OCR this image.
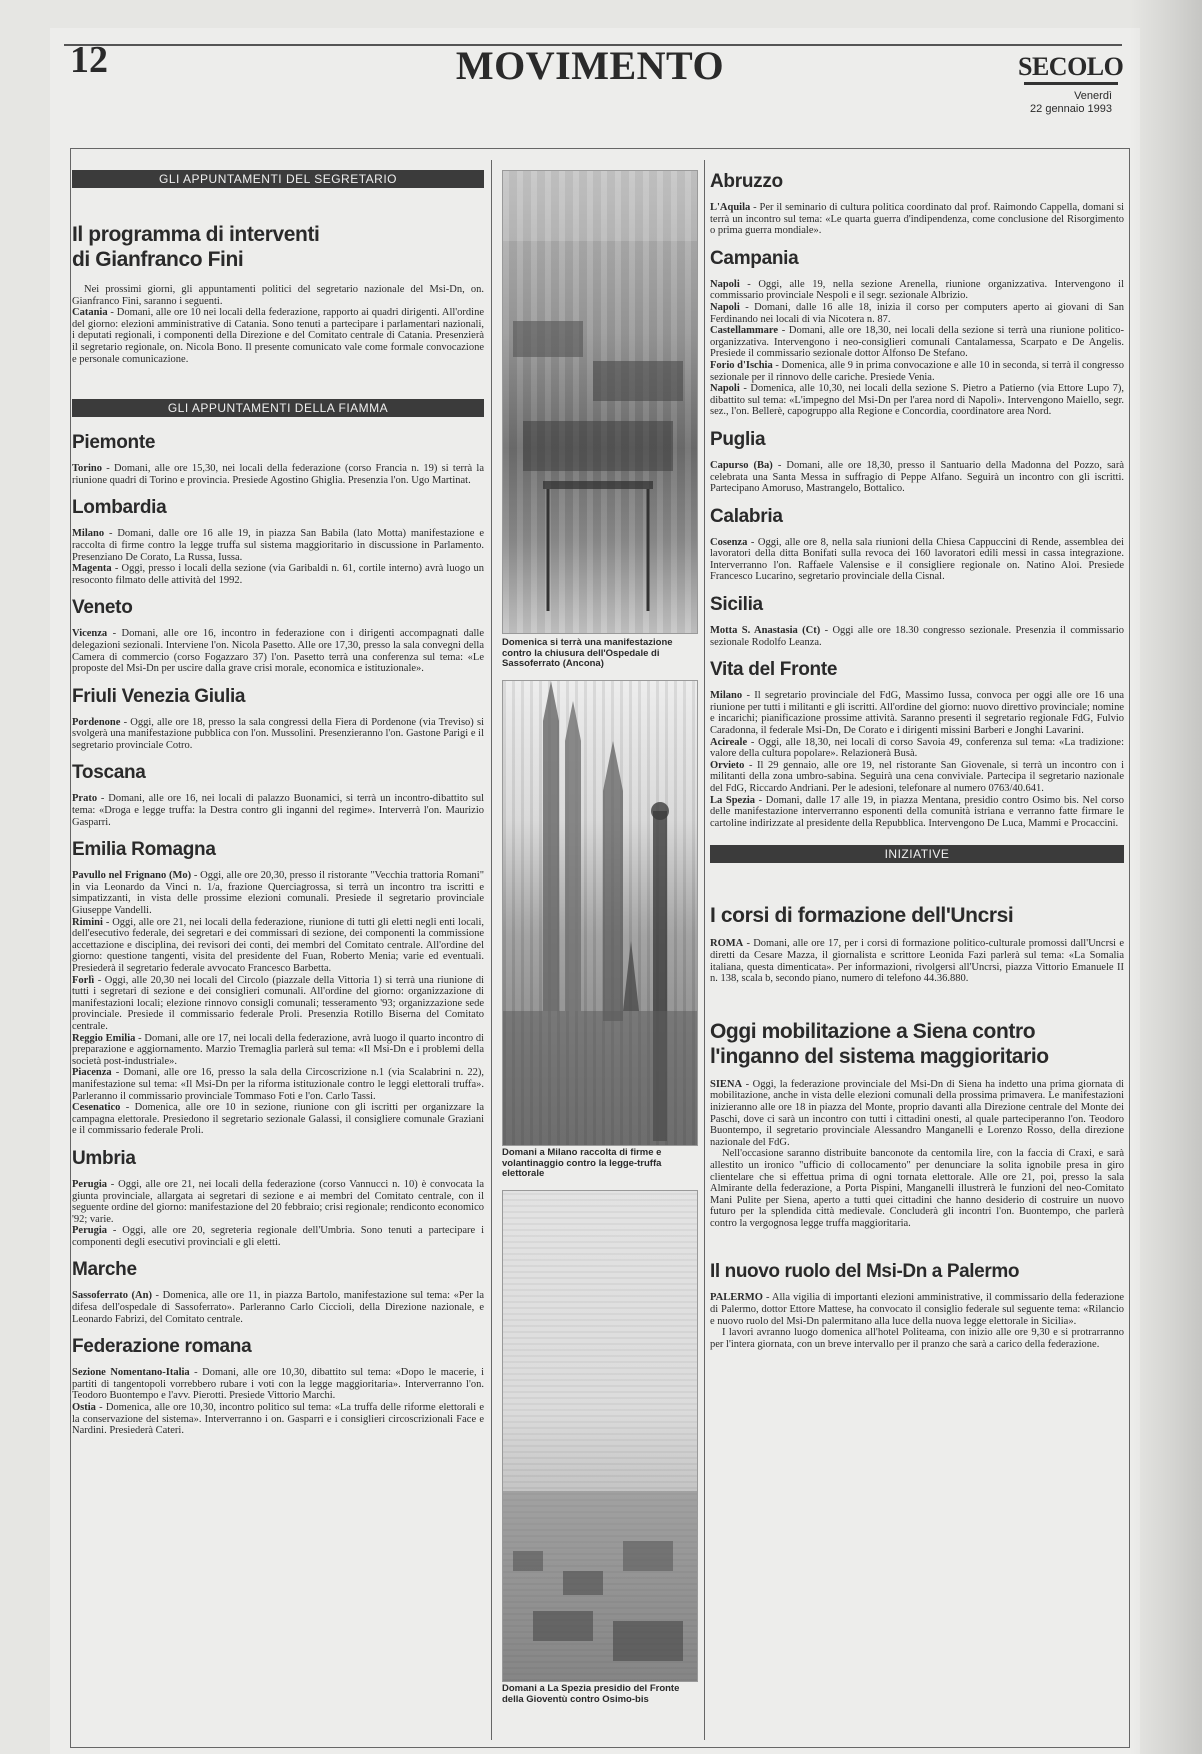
12	MOVIMENTO	SECOLO
Venerdì
22 gennaio 1993
GLI APPUNTAMENTI DEL SEGRETARIO
Il programma di interventi di Gianfranco Fini

Nei prossimi giorni, gli appuntamenti politici del segretario nazionale del Msi-Dn, on. Gianfranco Fini, saranno i seguenti.

Catania - Domani, alle ore 10 nei locali della federazione, rapporto ai quadri dirigenti. All'ordine del giorno: elezioni amministrative di Catania. Sono tenuti a partecipare i parlamentari nazionali, i deputati regionali, i componenti della Direzione e del Comitato centrale di Catania. Presenzierà il segretario regionale, on. Nicola Bono. Il presente comunicato vale come formale convocazione e personale comunicazione.

GLI APPUNTAMENTI DELLA FIAMMA
Piemonte

Torino - Domani, alle ore 15,30, nei locali della federazione (corso Francia n. 19) si terrà la riunione quadri di Torino e provincia. Presiede Agostino Ghiglia. Presenzia l'on. Ugo Martinat.

Lombardia

Milano - Domani, dalle ore 16 alle 19, in piazza San Babila (lato Motta) manifestazione e raccolta di firme contro la legge truffa sul sistema maggioritario in discussione in Parlamento. Presenziano De Corato, La Russa, Iussa.

Magenta - Oggi, presso i locali della sezione (via Garibaldi n. 61, cortile interno) avrà luogo un resoconto filmato delle attività del 1992.

Veneto

Vicenza - Domani, alle ore 16, incontro in federazione con i dirigenti accompagnati dalle delegazioni sezionali. Interviene l'on. Nicola Pasetto. Alle ore 17,30, presso la sala convegni della Camera di commercio (corso Fogazzaro 37) l'on. Pasetto terrà una conferenza sul tema: «Le proposte del Msi-Dn per uscire dalla grave crisi morale, economica e istituzionale».

Friuli Venezia Giulia

Pordenone - Oggi, alle ore 18, presso la sala congressi della Fiera di Pordenone (via Treviso) si svolgerà una manifestazione pubblica con l'on. Mussolini. Presenzieranno l'on. Gastone Parigi e il segretario provinciale Cotro.

Toscana

Prato - Domani, alle ore 16, nei locali di palazzo Buonamici, si terrà un incontro-dibattito sul tema: «Droga e legge truffa: la Destra contro gli inganni del regime». Interverrà l'on. Maurizio Gasparri.

Emilia Romagna

Pavullo nel Frignano (Mo) - Oggi, alle ore 20,30, presso il ristorante "Vecchia trattoria Romani" in via Leonardo da Vinci n. 1/a, frazione Querciagrossa, si terrà un incontro tra iscritti e simpatizzanti, in vista delle prossime elezioni comunali. Presiede il segretario provinciale Giuseppe Vandelli.

Rimini - Oggi, alle ore 21, nei locali della federazione, riunione di tutti gli eletti negli enti locali, dell'esecutivo federale, dei segretari e dei commissari di sezione, dei componenti la commissione accettazione e disciplina, dei revisori dei conti, dei membri del Comitato centrale. All'ordine del giorno: questione tangenti, visita del presidente del Fuan, Roberto Menia; varie ed eventuali. Presiederà il segretario federale avvocato Francesco Barbetta.

Forlì - Oggi, alle 20,30 nei locali del Circolo (piazzale della Vittoria 1) si terrà una riunione di tutti i segretari di sezione e dei consiglieri comunali. All'ordine del giorno: organizzazione di manifestazioni locali; elezione rinnovo consigli comunali; tesseramento '93; organizzazione sede provinciale. Presiede il commissario federale Proli. Presenzia Rotillo Biserna del Comitato centrale.

Reggio Emilia - Domani, alle ore 17, nei locali della federazione, avrà luogo il quarto incontro di preparazione e aggiornamento. Marzio Tremaglia parlerà sul tema: «Il Msi-Dn e i problemi della società post-industriale».

Piacenza - Domani, alle ore 16, presso la sala della Circoscrizione n.1 (via Scalabrini n. 22), manifestazione sul tema: «Il Msi-Dn per la riforma istituzionale contro le leggi elettorali truffa». Parleranno il commissario provinciale Tommaso Foti e l'on. Carlo Tassi.

Cesenatico - Domenica, alle ore 10 in sezione, riunione con gli iscritti per organizzare la campagna elettorale. Presiedono il segretario sezionale Galassi, il consigliere comunale Graziani e il commissario federale Proli.

Umbria

Perugia - Oggi, alle ore 21, nei locali della federazione (corso Vannucci n. 10) è convocata la giunta provinciale, allargata ai segretari di sezione e ai membri del Comitato centrale, con il seguente ordine del giorno: manifestazione del 20 febbraio; crisi regionale; rendiconto economico '92; varie.

Perugia - Oggi, alle ore 20, segreteria regionale dell'Umbria. Sono tenuti a partecipare i componenti degli esecutivi provinciali e gli eletti.

Marche

Sassoferrato (An) - Domenica, alle ore 11, in piazza Bartolo, manifestazione sul tema: «Per la difesa dell'ospedale di Sassoferrato». Parleranno Carlo Ciccioli, della Direzione nazionale, e Leonardo Fabrizi, del Comitato centrale.

Federazione romana

Sezione Nomentano-Italia - Domani, alle ore 10,30, dibattito sul tema: «Dopo le macerie, i partiti di tangentopoli vorrebbero rubare i voti con la legge maggioritaria». Interverranno l'on. Teodoro Buontempo e l'avv. Pierotti. Presiede Vittorio Marchi.

Ostia - Domenica, alle ore 10,30, incontro politico sul tema: «La truffa delle riforme elettorali e la conservazione del sistema». Interverranno i on. Gasparri e i consiglieri circoscrizionali Face e Nardini. Presiederà Cateri.

Domenica si terrà una manifestazione contro la chiusura dell'Ospedale di Sassoferrato (Ancona)
Domani a Milano raccolta di firme e volantinaggio contro la legge-truffa elettorale
Domani a La Spezia presidio del Fronte della Gioventù contro Osimo-bis
Abruzzo

L'Aquila - Per il seminario di cultura politica coordinato dal prof. Raimondo Cappella, domani si terrà un incontro sul tema: «Le quarta guerra d'indipendenza, come conclusione del Risorgimento o prima guerra mondiale».

Campania

Napoli - Oggi, alle 19, nella sezione Arenella, riunione organizzativa. Intervengono il commissario provinciale Nespoli e il segr. sezionale Albrizio.

Napoli - Domani, dalle 16 alle 18, inizia il corso per computers aperto ai giovani di San Ferdinando nei locali di via Nicotera n. 87.

Castellammare - Domani, alle ore 18,30, nei locali della sezione si terrà una riunione politico-organizzativa. Intervengono i neo-consiglieri comunali Cantalamessa, Scarpato e De Angelis. Presiede il commissario sezionale dottor Alfonso De Stefano.

Forio d'Ischia - Domenica, alle 9 in prima convocazione e alle 10 in seconda, si terrà il congresso sezionale per il rinnovo delle cariche. Presiede Venia.

Napoli - Domenica, alle 10,30, nei locali della sezione S. Pietro a Patierno (via Ettore Lupo 7), dibattito sul tema: «L'impegno del Msi-Dn per l'area nord di Napoli». Intervengono Maiello, segr. sez., l'on. Bellerè, capogruppo alla Regione e Concordia, coordinatore area Nord.

Puglia

Capurso (Ba) - Domani, alle ore 18,30, presso il Santuario della Madonna del Pozzo, sarà celebrata una Santa Messa in suffragio di Peppe Alfano. Seguirà un incontro con gli iscritti. Partecipano Amoruso, Mastrangelo, Bottalico.

Calabria

Cosenza - Oggi, alle ore 8, nella sala riunioni della Chiesa Cappuccini di Rende, assemblea dei lavoratori della ditta Bonifati sulla revoca dei 160 lavoratori edili messi in cassa integrazione. Interverranno l'on. Raffaele Valensise e il consigliere regionale on. Natino Aloi. Presiede Francesco Lucarino, segretario provinciale della Cisnal.

Sicilia

Motta S. Anastasia (Ct) - Oggi alle ore 18.30 congresso sezionale. Presenzia il commissario sezionale Rodolfo Leanza.

Vita del Fronte

Milano - Il segretario provinciale del FdG, Massimo Iussa, convoca per oggi alle ore 16 una riunione per tutti i militanti e gli iscritti. All'ordine del giorno: nuovo direttivo provinciale; nomine e incarichi; pianificazione prossime attività. Saranno presenti il segretario regionale FdG, Fulvio Caradonna, il federale Msi-Dn, De Corato e i dirigenti missini Barberi e Jonghi Lavarini.

Acireale - Oggi, alle 18,30, nei locali di corso Savoia 49, conferenza sul tema: «La tradizione: valore della cultura popolare». Relazionerà Busà.

Orvieto - Il 29 gennaio, alle ore 19, nel ristorante San Giovenale, si terrà un incontro con i militanti della zona umbro-sabina. Seguirà una cena conviviale. Partecipa il segretario nazionale del FdG, Riccardo Andriani. Per le adesioni, telefonare al numero 0763/40.641.

La Spezia - Domani, dalle 17 alle 19, in piazza Mentana, presidio contro Osimo bis. Nel corso delle manifestazione interverranno esponenti della comunità istriana e verranno fatte firmare le cartoline indirizzate al presidente della Repubblica. Intervengono De Luca, Mammi e Procaccini.

INIZIATIVE
I corsi di formazione dell'Uncrsi

ROMA - Domani, alle ore 17, per i corsi di formazione politico-culturale promossi dall'Uncrsi e diretti da Cesare Mazza, il giornalista e scrittore Leonida Fazi parlerà sul tema: «La Somalia italiana, questa dimenticata». Per informazioni, rivolgersi all'Uncrsi, piazza Vittorio Emanuele II n. 138, scala b, secondo piano, numero di telefono 44.36.880.

Oggi mobilitazione a Siena contro l'inganno del sistema maggioritario

SIENA - Oggi, la federazione provinciale del Msi-Dn di Siena ha indetto una prima giornata di mobilitazione, anche in vista delle elezioni comunali della prossima primavera. Le manifestazioni inizieranno alle ore 18 in piazza del Monte, proprio davanti alla Direzione centrale del Monte dei Paschi, dove ci sarà un incontro con tutti i cittadini onesti, al quale parteciperanno l'on. Teodoro Buontempo, il segretario provinciale Alessandro Manganelli e Lorenzo Rosso, della direzione nazionale del FdG.

Nell'occasione saranno distribuite banconote da centomila lire, con la faccia di Craxi, e sarà allestito un ironico "ufficio di collocamento" per denunciare la solita ignobile presa in giro clientelare che si effettua prima di ogni tornata elettorale. Alle ore 21, poi, presso la sala Almirante della federazione, a Porta Pispini, Manganelli illustrerà le funzioni del neo-Comitato Mani Pulite per Siena, aperto a tutti quei cittadini che hanno desiderio di costruire un nuovo futuro per la splendida città medievale. Concluderà gli incontri l'on. Buontempo, che parlerà contro la vergognosa legge truffa maggioritaria.

Il nuovo ruolo del Msi-Dn a Palermo

PALERMO - Alla vigilia di importanti elezioni amministrative, il commissario della federazione di Palermo, dottor Ettore Mattese, ha convocato il consiglio federale sul seguente tema: «Rilancio e nuovo ruolo del Msi-Dn palermitano alla luce della nuova legge elettorale in Sicilia».

I lavori avranno luogo domenica all'hotel Politeama, con inizio alle ore 9,30 e si protrarranno per l'intera giornata, con un breve intervallo per il pranzo che sarà a carico della federazione.
